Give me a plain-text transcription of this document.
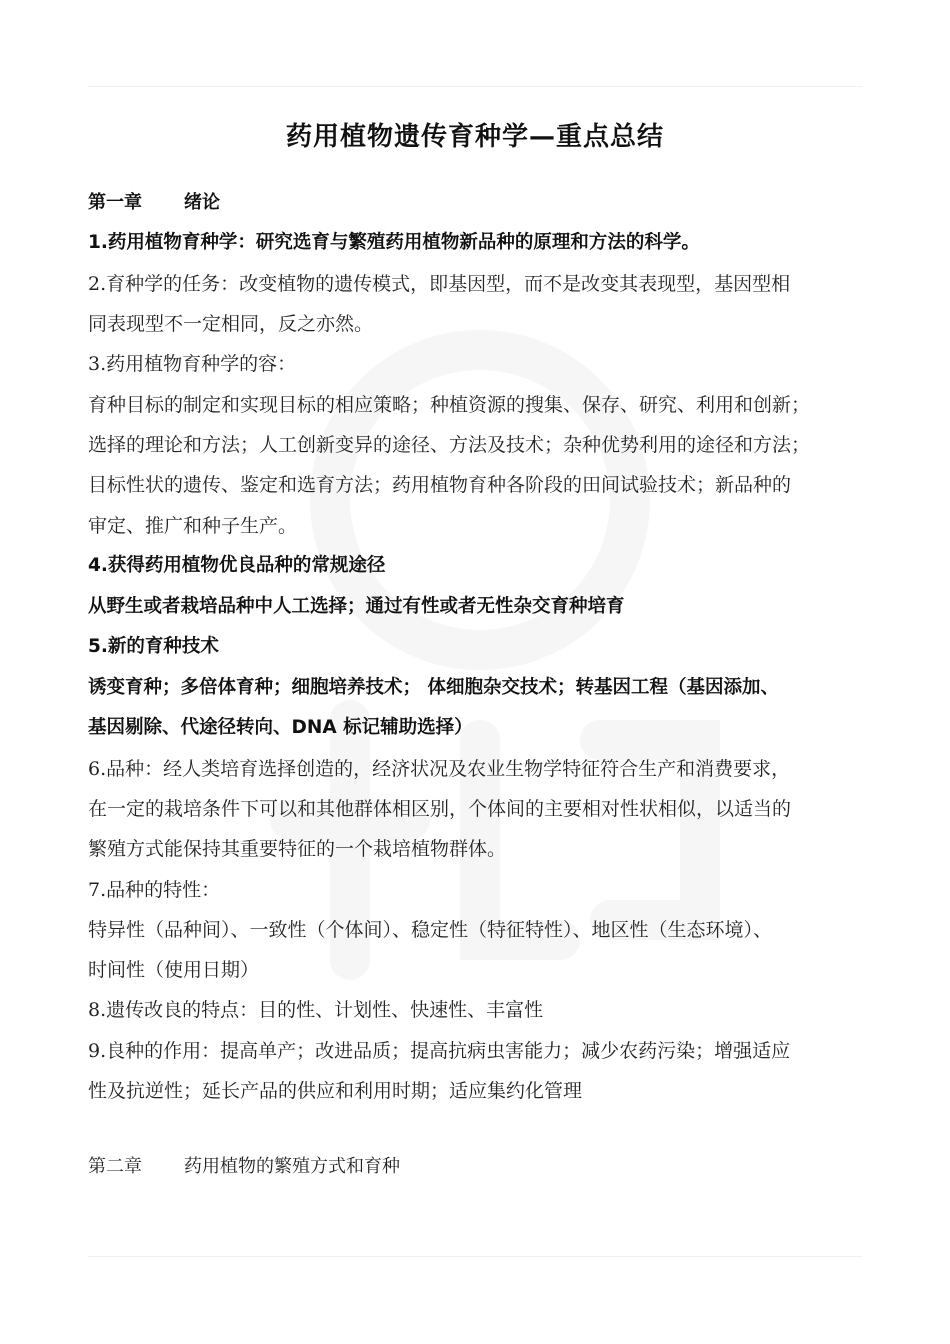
药用植物遗传育种学—重点总结
第一章 绪论
1.药用植物育种学：研究选育与繁殖药用植物新品种的原理和方法的科学。
2.育种学的任务：改变植物的遗传模式，即基因型，而不是改变其表现型，基因型相
同表现型不一定相同，反之亦然。
3.药用植物育种学的容：
育种目标的制定和实现目标的相应策略；种植资源的搜集、保存、研究、利用和创新；
选择的理论和方法；人工创新变异的途径、方法及技术；杂种优势利用的途径和方法；
目标性状的遗传、鉴定和选育方法；药用植物育种各阶段的田间试验技术；新品种的
审定、推广和种子生产。
4.获得药用植物优良品种的常规途径
从野生或者栽培品种中人工选择；通过有性或者无性杂交育种培育
5.新的育种技术
诱变育种；多倍体育种；细胞培养技术； 体细胞杂交技术；转基因工程（基因添加、
基因剔除、代途径转向、DNA 标记辅助选择）
6.品种：经人类培育选择创造的，经济状况及农业生物学特征符合生产和消费要求，
在一定的栽培条件下可以和其他群体相区别，个体间的主要相对性状相似，以适当的
繁殖方式能保持其重要特征的一个栽培植物群体。
7.品种的特性：
特异性（品种间）、一致性（个体间）、稳定性（特征特性）、地区性（生态环境）、
时间性（使用日期）
8.遗传改良的特点：目的性、计划性、快速性、丰富性
9.良种的作用：提高单产；改进品质；提高抗病虫害能力；减少农药污染；增强适应
性及抗逆性；延长产品的供应和利用时期；适应集约化管理
第二章 药用植物的繁殖方式和育种
